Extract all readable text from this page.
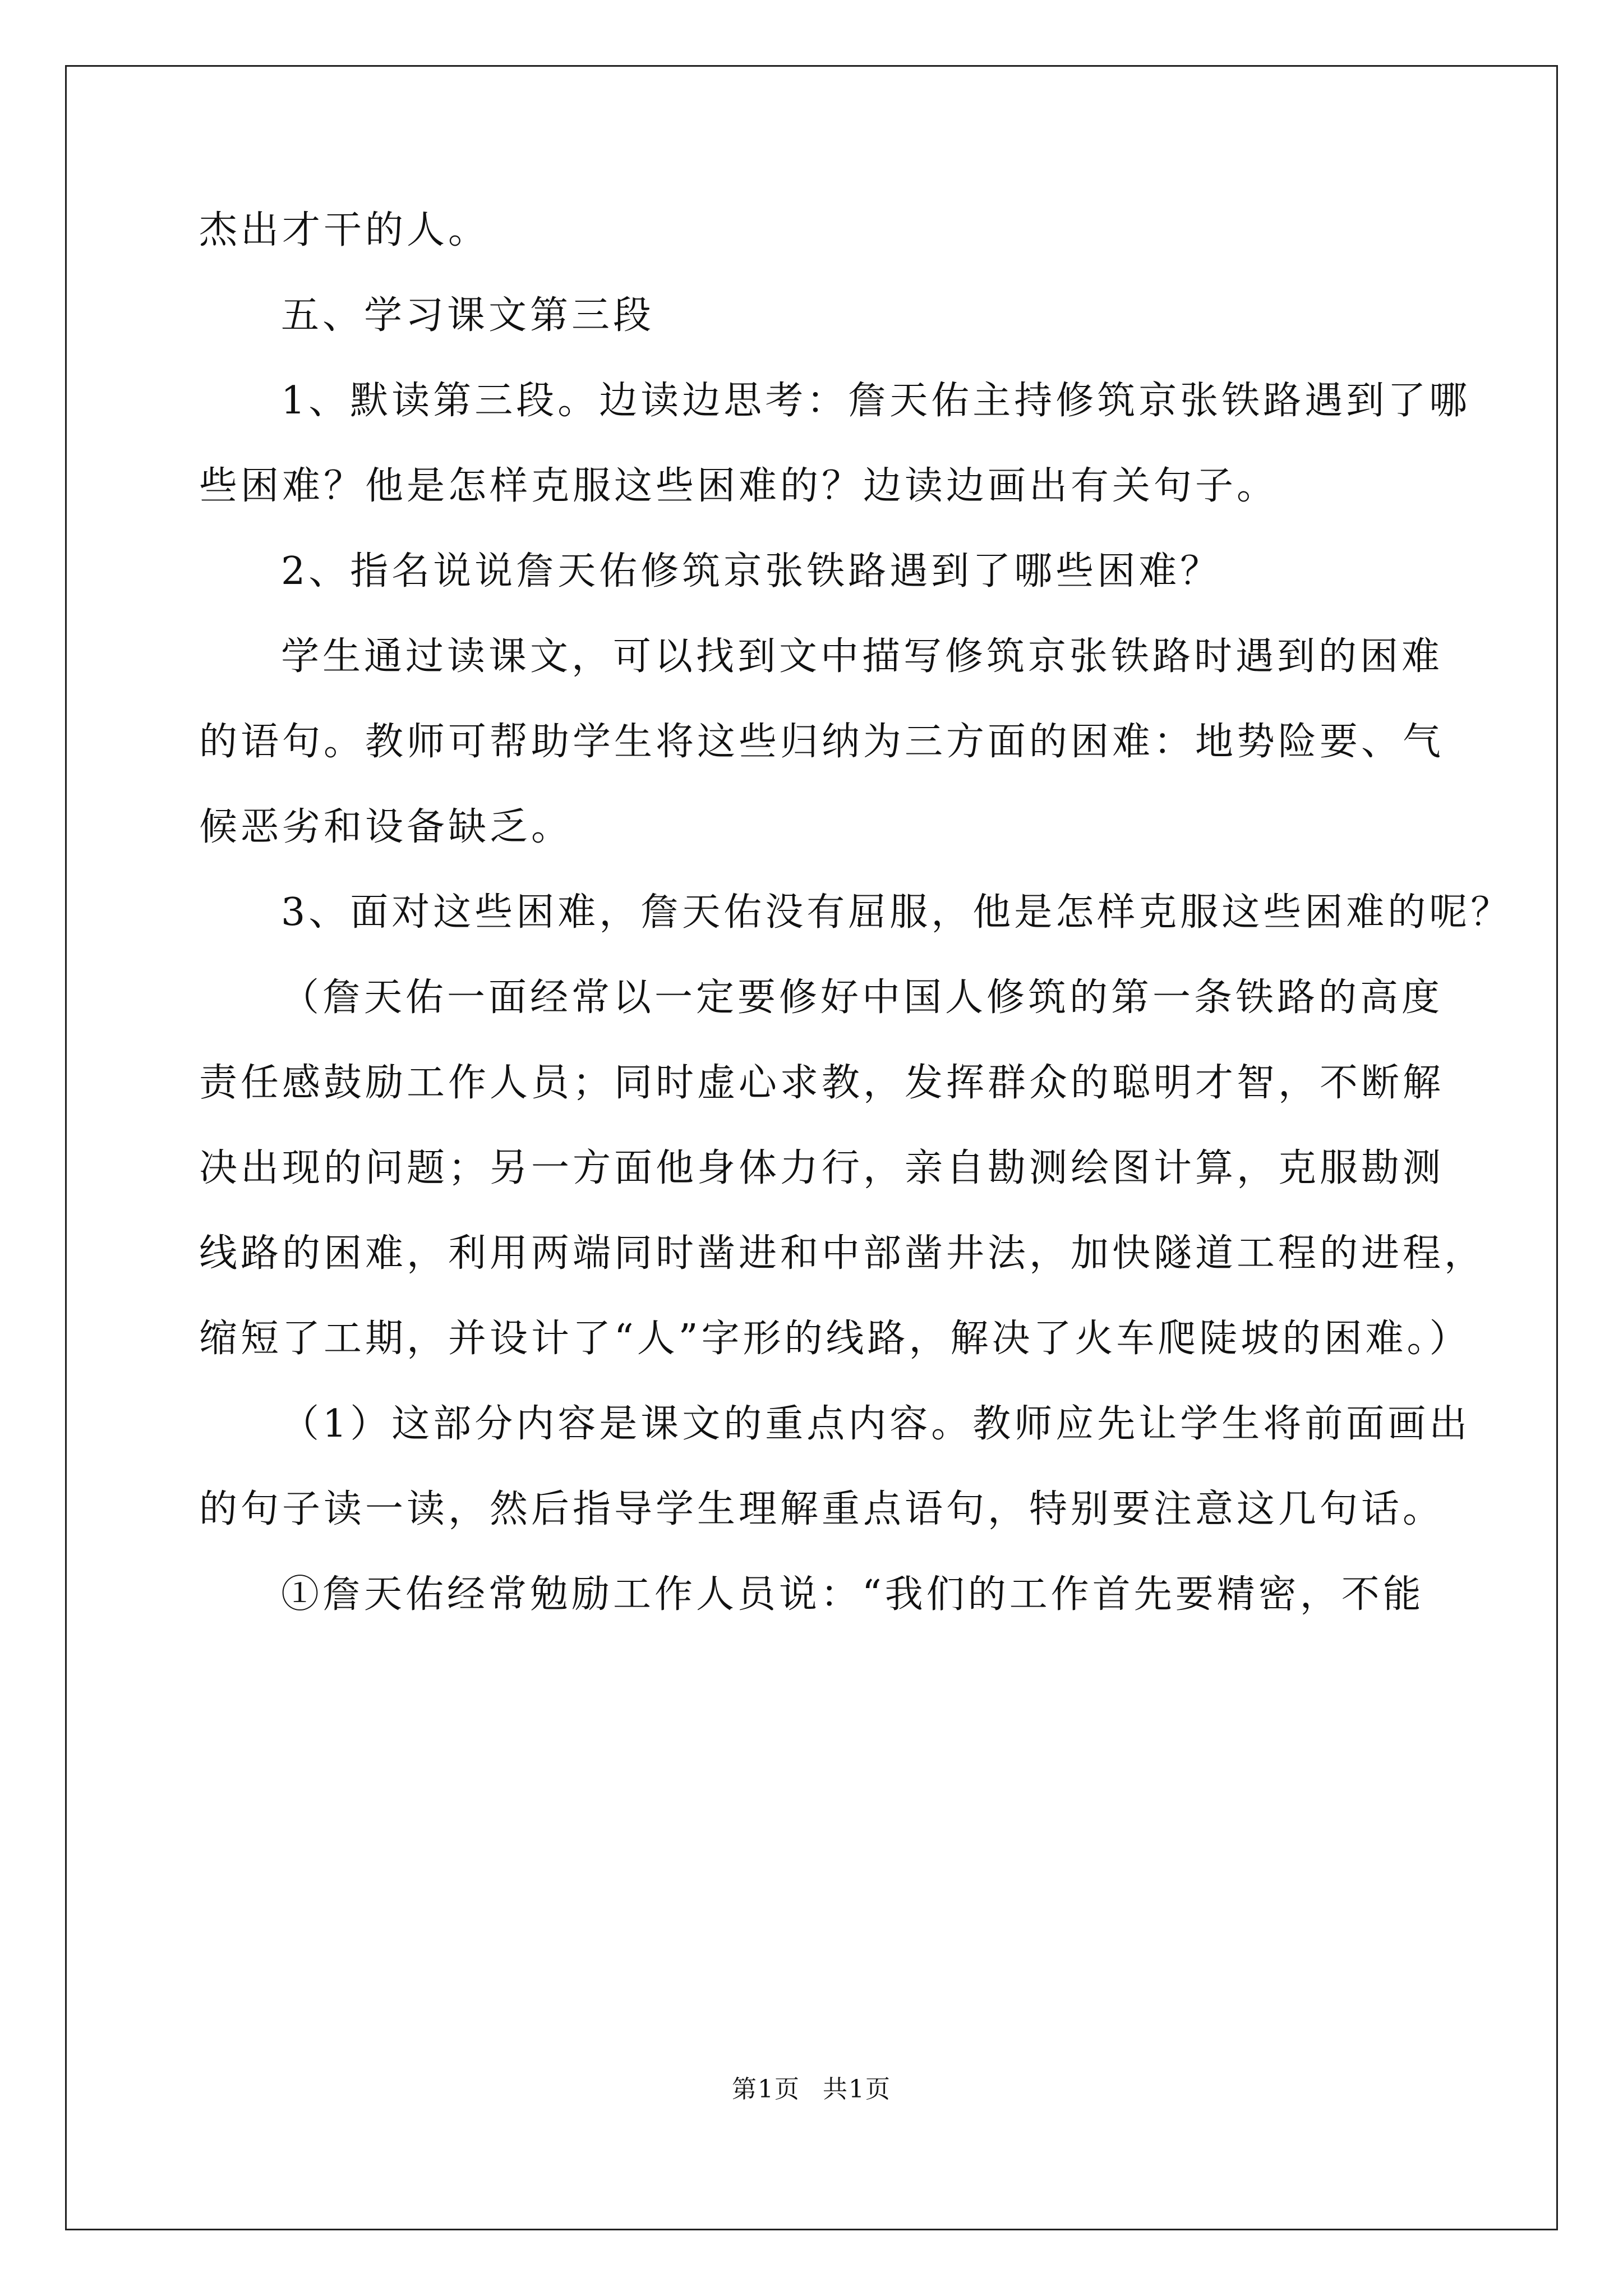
杰出才干的人。
五、学习课文第三段
1、默读第三段。边读边思考：詹天佑主持修筑京张铁路遇到了哪
些困难？他是怎样克服这些困难的？边读边画出有关句子。
2、指名说说詹天佑修筑京张铁路遇到了哪些困难？
学生通过读课文，可以找到文中描写修筑京张铁路时遇到的困难
的语句。教师可帮助学生将这些归纳为三方面的困难：地势险要、气
候恶劣和设备缺乏。
3、面对这些困难，詹天佑没有屈服，他是怎样克服这些困难的呢？
（詹天佑一面经常以一定要修好中国人修筑的第一条铁路的高度
责任感鼓励工作人员；同时虚心求教，发挥群众的聪明才智，不断解
决出现的问题；另一方面他身体力行，亲自勘测绘图计算，克服勘测
线路的困难，利用两端同时凿进和中部凿井法，加快隧道工程的进程，
缩短了工期，并设计了“人”字形的线路，解决了火车爬陡坡的困难。）
（1）这部分内容是课文的重点内容。教师应先让学生将前面画出
的句子读一读，然后指导学生理解重点语句，特别要注意这几句话。
①詹天佑经常勉励工作人员说：“我们的工作首先要精密，不能
第1页 共1页
